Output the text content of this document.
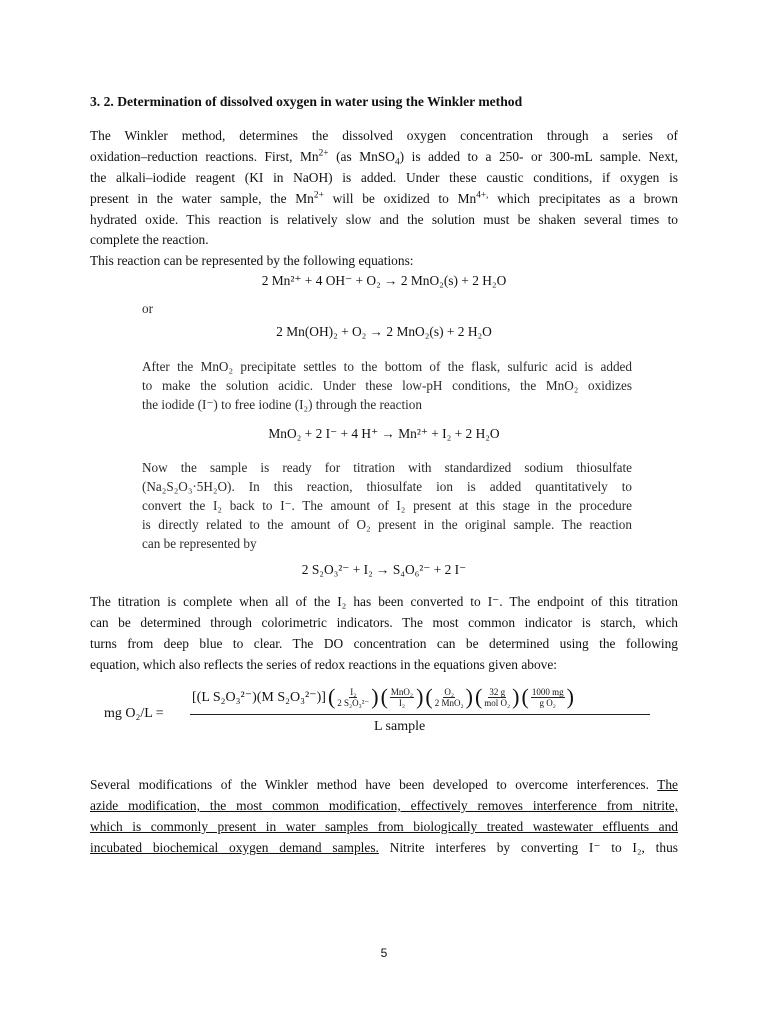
3. 2. Determination of dissolved oxygen in water using the Winkler method

The Winkler method, determines the dissolved oxygen concentration through a series of

oxidation–reduction reactions. First, $Mn^{2+}$ (as MnSO$_4$) is added to a 250- or 300-mL sample. Next,

the alkali–iodide reagent (KI in NaOH) is added. Under these caustic conditions, if oxygen is

present in the water sample, the $Mn^{2+}$ will be oxidized to $Mn^{4+,}$ which precipitates as a brown

hydrated oxide. This reaction is relatively slow and the solution must be shaken several times to

complete the reaction.

This reaction can be represented by the following equations:

2 Mn²⁺ + 4 OH⁻ + O₂ → 2 MnO₂(s) + 2 H₂O
or
2 Mn(OH)₂ + O₂ → 2 MnO₂(s) + 2 H₂O

After the MnO₂ precipitate settles to the bottom of the flask, sulfuric acid is added

to make the solution acidic. Under these low-pH conditions, the MnO₂ oxidizes

the iodide (I⁻) to free iodine (I₂) through the reaction

MnO₂ + 2 I⁻ + 4 H⁺ → Mn²⁺ + I₂ + 2 H₂O

Now the sample is ready for titration with standardized sodium thiosulfate

(Na₂S₂O₃·5H₂O). In this reaction, thiosulfate ion is added quantitatively to

convert the I₂ back to I⁻. The amount of I₂ present at this stage in the procedure

is directly related to the amount of O₂ present in the original sample. The reaction

can be represented by

2 S₂O₃²⁻ + I₂ → S₄O₆²⁻ + 2 I⁻

The titration is complete when all of the I₂ has been converted to I⁻. The endpoint of this titration

can be determined through colorimetric indicators. The most common indicator is starch, which

turns from deep blue to clear. The DO concentration can be determined using the following

equation, which also reflects the series of redox reactions in the equations given above:

mg O₂/L =
[(L S₂O₃²⁻)(M S₂O₃²⁻)] ( $\frac{\text{I₂}}{\text{2 S₂O₃²⁻}}$ ) ( $\frac{\text{MnO₂}}{\text{I₂}}$ ) ( $\frac{\text{O₂}}{\text{2 MnO₂}}$ ) ( $\frac{32 g}{\text{mol O₂}}$ ) ( $\frac{1000 mg}{\text{g O₂}}$ )
L sample

Several modifications of the Winkler method have been developed to overcome interferences. The

azide modification, the most common modification, effectively removes interference from nitrite,

which is commonly present in water samples from biologically treated wastewater effluents and

incubated biochemical oxygen demand samples. Nitrite interferes by converting I⁻ to I₂, thus

5
